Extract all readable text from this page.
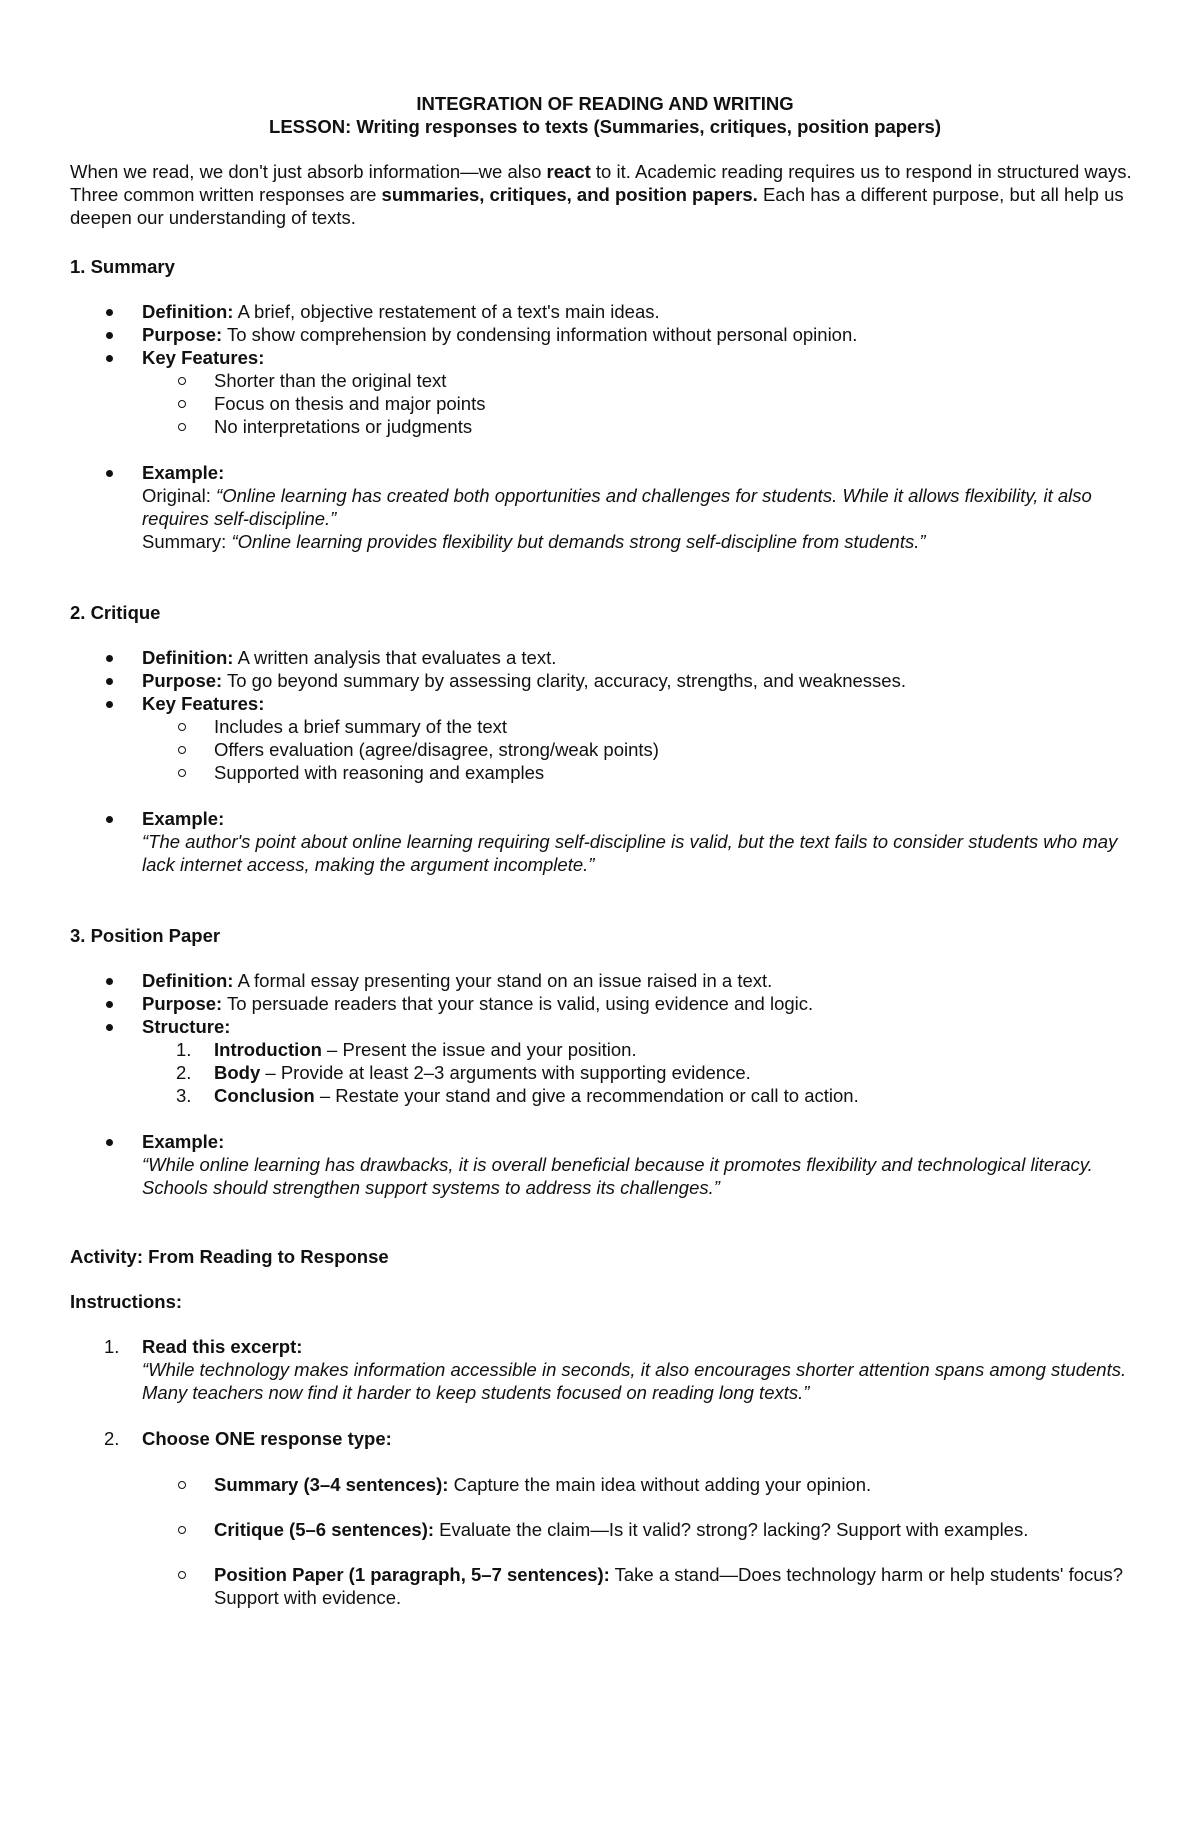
INTEGRATION OF READING AND WRITING
LESSON: Writing responses to texts (Summaries, critiques, position papers)

When we read, we don't just absorb information—we also react to it. Academic reading requires us to respond in structured ways. Three common written responses are summaries, critiques, and position papers. Each has a different purpose, but all help us deepen our understanding of texts.

1. Summary
Definition: A brief, objective restatement of a text's main ideas.
Purpose: To show comprehension by condensing information without personal opinion.
Key Features:
Shorter than the original text
Focus on thesis and major points
No interpretations or judgments
Example:
Original: “Online learning has created both opportunities and challenges for students. While it allows flexibility, it also requires self-discipline.”
Summary: “Online learning provides flexibility but demands strong self-discipline from students.”
2. Critique
Definition: A written analysis that evaluates a text.
Purpose: To go beyond summary by assessing clarity, accuracy, strengths, and weaknesses.
Key Features:
Includes a brief summary of the text
Offers evaluation (agree/disagree, strong/weak points)
Supported with reasoning and examples
Example:
“The author's point about online learning requiring self-discipline is valid, but the text fails to consider students who may lack internet access, making the argument incomplete.”
3. Position Paper
Definition: A formal essay presenting your stand on an issue raised in a text.
Purpose: To persuade readers that your stance is valid, using evidence and logic.
Structure:
1. Introduction – Present the issue and your position.
2. Body – Provide at least 2–3 arguments with supporting evidence.
3. Conclusion – Restate your stand and give a recommendation or call to action.
Example:
“While online learning has drawbacks, it is overall beneficial because it promotes flexibility and technological literacy. Schools should strengthen support systems to address its challenges.”
Activity: From Reading to Response
Instructions:
1. Read this excerpt:
“While technology makes information accessible in seconds, it also encourages shorter attention spans among students. Many teachers now find it harder to keep students focused on reading long texts.”
2. Choose ONE response type:
Summary (3–4 sentences): Capture the main idea without adding your opinion.
Critique (5–6 sentences): Evaluate the claim—Is it valid? strong? lacking? Support with examples.
Position Paper (1 paragraph, 5–7 sentences): Take a stand—Does technology harm or help students' focus? Support with evidence.
